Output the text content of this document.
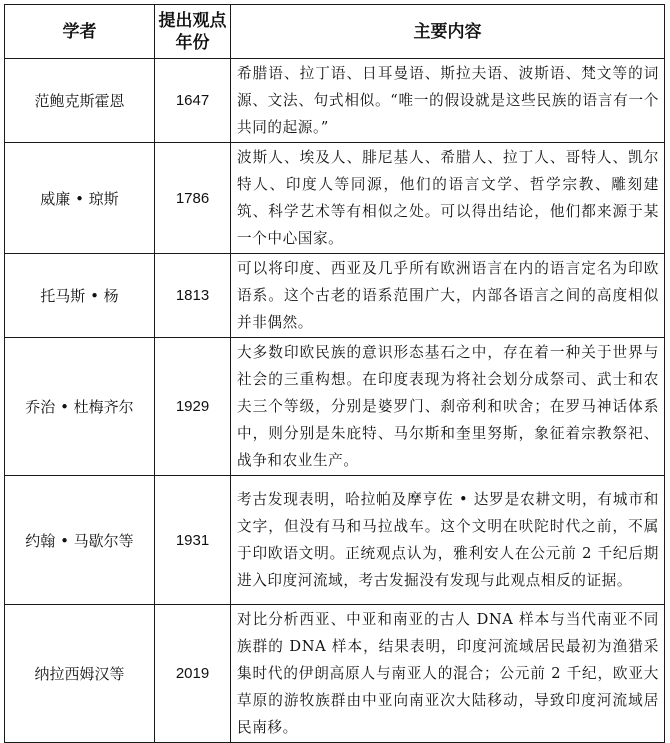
学者	提出观点年份	主要内容
范鲍克斯霍恩	1647	希腊语、拉丁语、日耳曼语、斯拉夫语、波斯语、梵文等的词源、文法、句式相似。“唯一的假设就是这些民族的语言有一个共同的起源。”
威廉 • 琼斯	1786	波斯人、埃及人、腓尼基人、希腊人、拉丁人、哥特人、凯尔特人、印度人等同源，他们的语言文学、哲学宗教、雕刻建筑、科学艺术等有相似之处。可以得出结论，他们都来源于某一个中心国家。
托马斯 • 杨	1813	可以将印度、西亚及几乎所有欧洲语言在内的语言定名为印欧语系。这个古老的语系范围广大，内部各语言之间的高度相似并非偶然。
乔治 • 杜梅齐尔	1929	大多数印欧民族的意识形态基石之中，存在着一种关于世界与社会的三重构想。在印度表现为将社会划分成祭司、武士和农夫三个等级，分别是婆罗门、刹帝利和吠舍；在罗马神话体系中，则分别是朱庇特、马尔斯和奎里努斯，象征着宗教祭祀、战争和农业生产。
约翰 • 马歇尔等	1931	考古发现表明，哈拉帕及摩亨佐 • 达罗是农耕文明，有城市和文字，但没有马和马拉战车。这个文明在吠陀时代之前，不属于印欧语文明。正统观点认为，雅利安人在公元前 2 千纪后期进入印度河流域，考古发掘没有发现与此观点相反的证据。
纳拉西姆汉等	2019	对比分析西亚、中亚和南亚的古人 DNA 样本与当代南亚不同族群的 DNA 样本，结果表明，印度河流域居民最初为渔猎采集时代的伊朗高原人与南亚人的混合；公元前 2 千纪，欧亚大草原的游牧族群由中亚向南亚次大陆移动，导致印度河流域居民南移。
